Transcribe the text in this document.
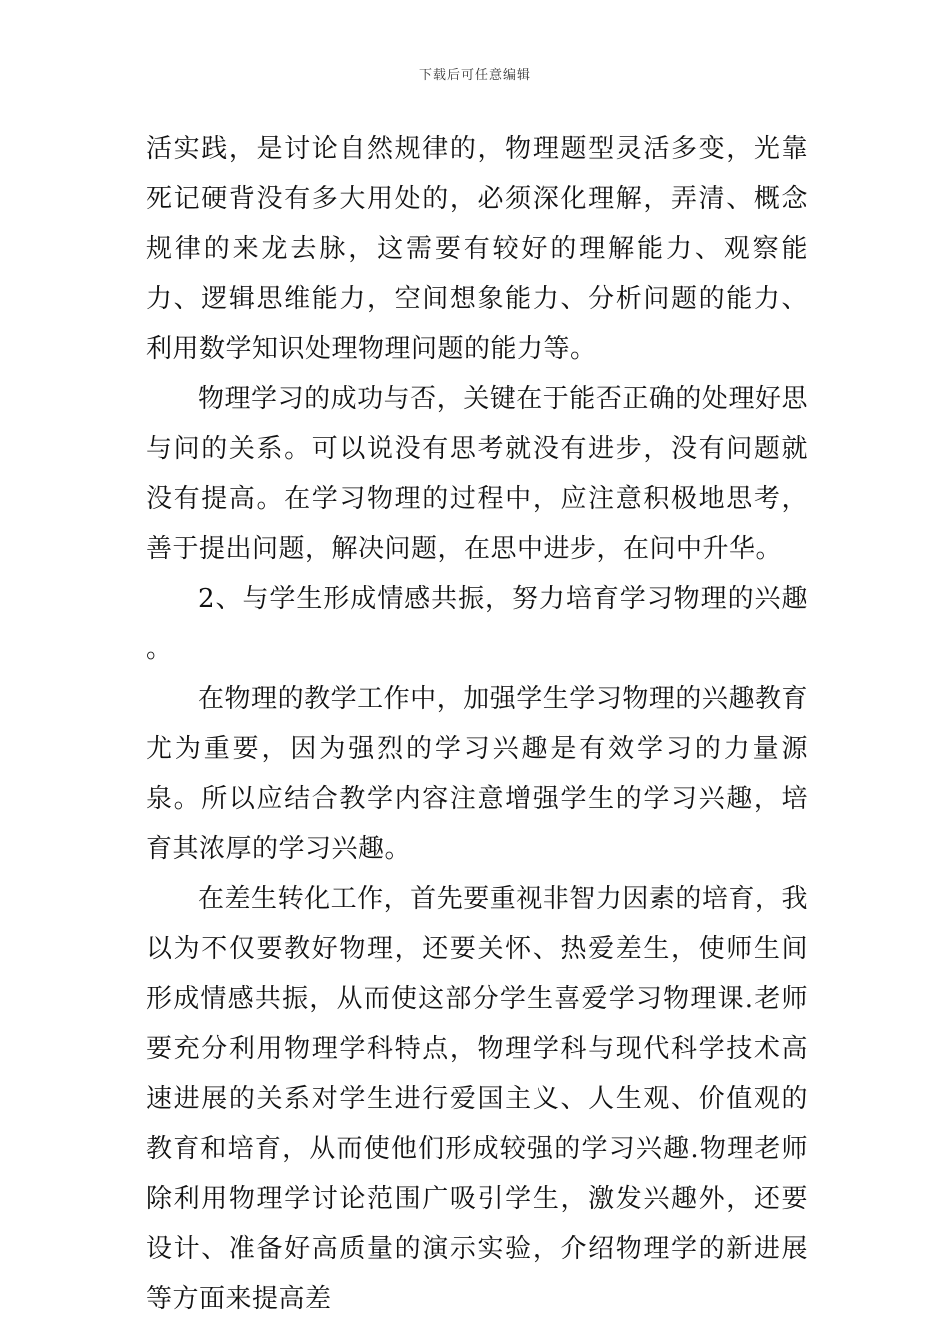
下载后可任意编辑

活实践，是讨论自然规律的，物理题型灵活多变，光靠死记硬背没有多大用处的，必须深化理解，弄清、概念规律的来龙去脉，这需要有较好的理解能力、观察能力、逻辑思维能力，空间想象能力、分析问题的能力、利用数学知识处理物理问题的能力等。

物理学习的成功与否，关键在于能否正确的处理好思与问的关系。可以说没有思考就没有进步，没有问题就没有提高。在学习物理的过程中，应注意积极地思考，善于提出问题，解决问题，在思中进步，在问中升华。

2、与学生形成情感共振，努力培育学习物理的兴趣 。

在物理的教学工作中，加强学生学习物理的兴趣教育尤为重要，因为强烈的学习兴趣是有效学习的力量源泉。所以应结合教学内容注意增强学生的学习兴趣，培育其浓厚的学习兴趣。

在差生转化工作，首先要重视非智力因素的培育，我以为不仅要教好物理，还要关怀、热爱差生，使师生间形成情感共振，从而使这部分学生喜爱学习物理课.老师要充分利用物理学科特点，物理学科与现代科学技术高速进展的关系对学生进行爱国主义、人生观、价值观的教育和培育，从而使他们形成较强的学习兴趣.物理老师除利用物理学讨论范围广吸引学生，激发兴趣外，还要设计、准备好高质量的演示实验，介绍物理学的新进展等方面来提高差
